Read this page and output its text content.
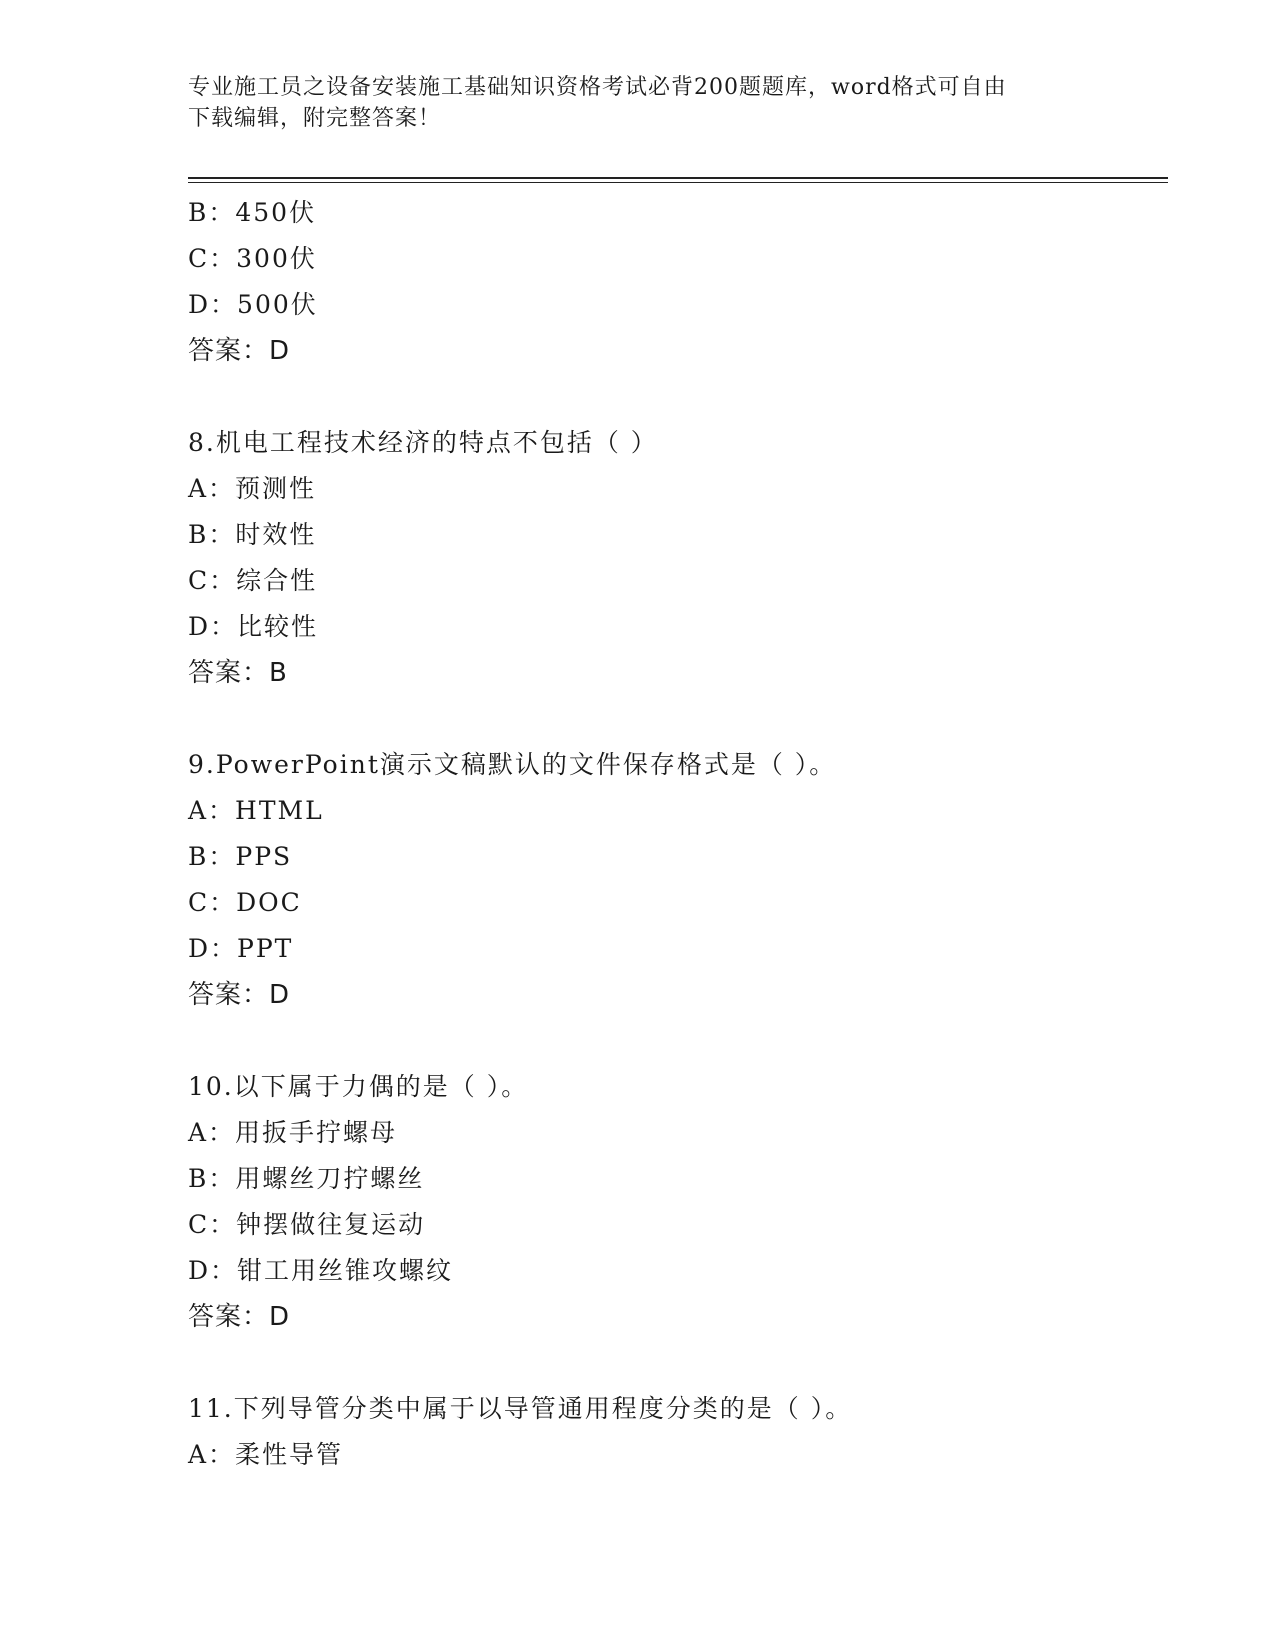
专业施工员之设备安装施工基础知识资格考试必背200题题库，word格式可自由
下载编辑，附完整答案！
B：450伏
C：300伏
D：500伏
答案：D
8.机电工程技术经济的特点不包括（ ）
A：预测性
B：时效性
C：综合性
D：比较性
答案：B
9.PowerPoint演示文稿默认的文件保存格式是（ ）。
A：HTML
B：PPS
C：DOC
D：PPT
答案：D
10.以下属于力偶的是（ ）。
A：用扳手拧螺母
B：用螺丝刀拧螺丝
C：钟摆做往复运动
D：钳工用丝锥攻螺纹
答案：D
11.下列导管分类中属于以导管通用程度分类的是（ ）。
A：柔性导管
